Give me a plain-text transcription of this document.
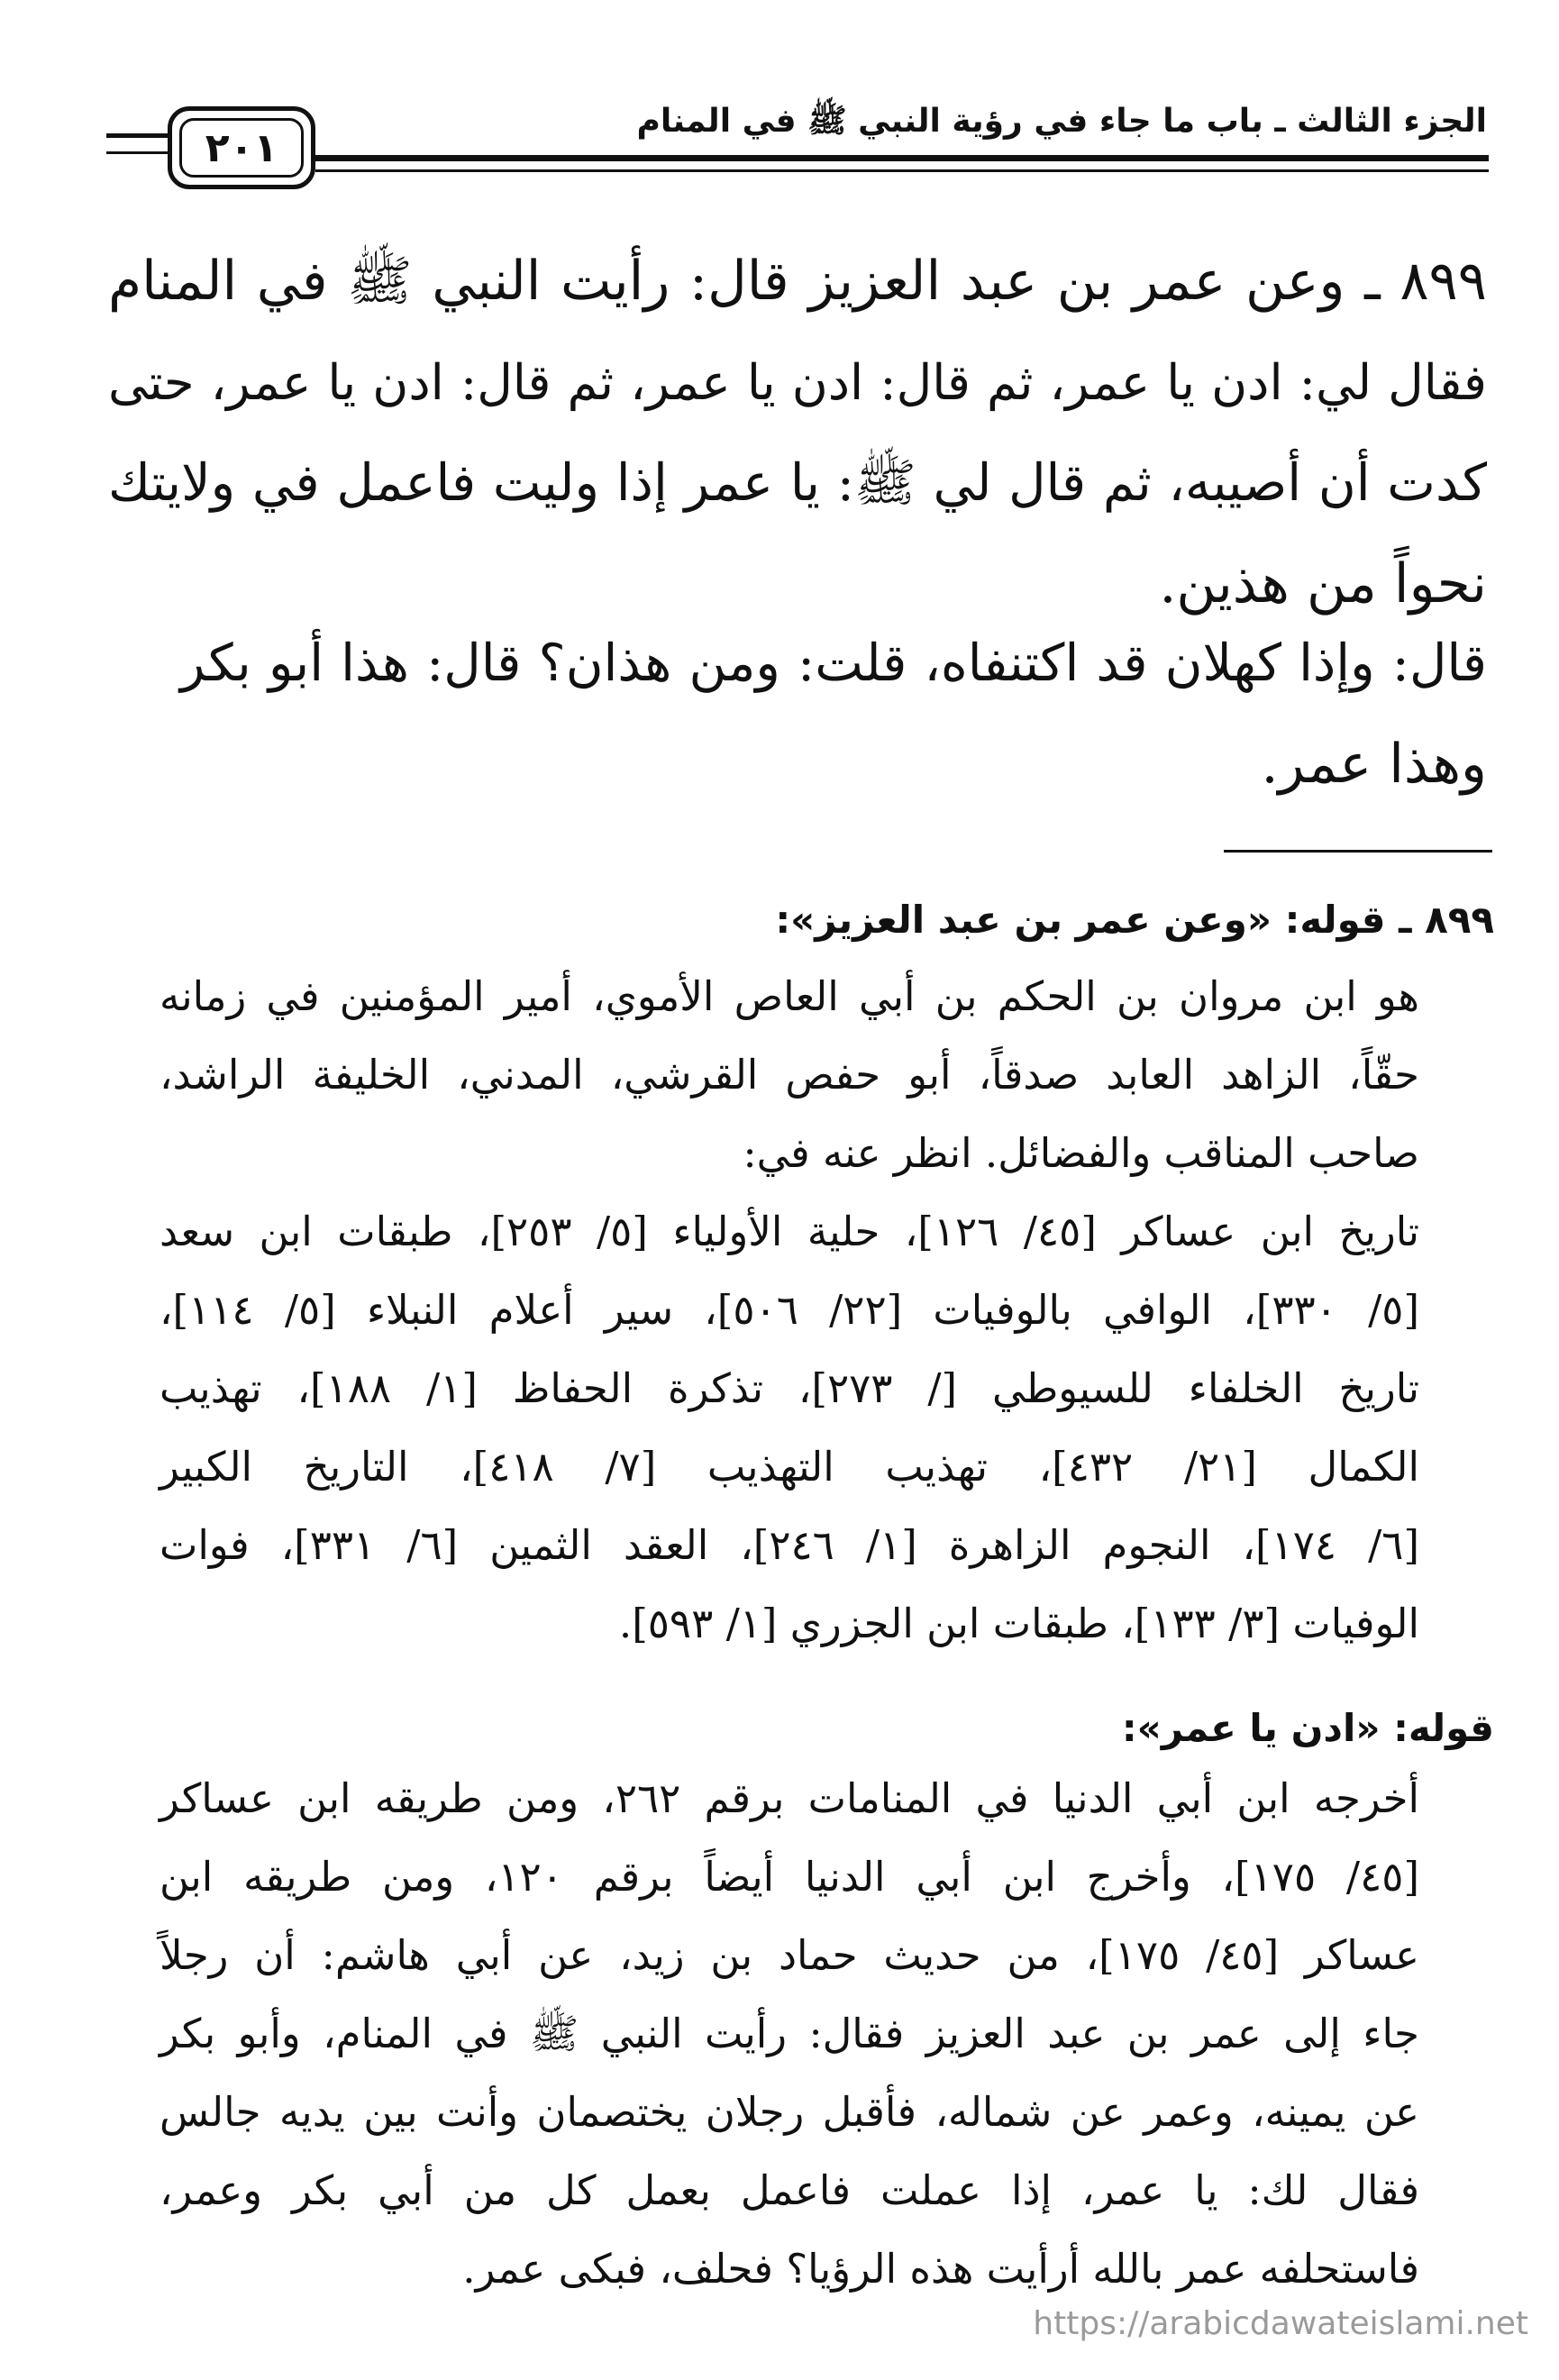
الجزء الثالث ـ باب ما جاء في رؤية النبي ﷺ في المنام
٢٠١
٨٩٩ ـ وعن عمر بن عبد العزيز قال: رأيت النبي ﷺ في المنام
فقال لي: ادن يا عمر، ثم قال: ادن يا عمر، ثم قال: ادن يا عمر، حتى
كدت أن أصيبه، ثم قال لي ﷺ: يا عمر إذا وليت فاعمل في ولايتك
نحواً من هذين.
قال: وإذا كهلان قد اكتنفاه، قلت: ومن هذان؟ قال: هذا أبو بكر
وهذا عمر.
٨٩٩ ـ قوله: «وعن عمر بن عبد العزيز»:
هو ابن مروان بن الحكم بن أبي العاص الأموي، أمير المؤمنين في زمانه
حقّاً، الزاهد العابد صدقاً، أبو حفص القرشي، المدني، الخليفة الراشد،
صاحب المناقب والفضائل. انظر عنه في:
تاريخ ابن عساكر [٤٥/ ١٢٦]، حلية الأولياء [٥/ ٢٥٣]، طبقات ابن سعد
[٥/ ٣٣٠]، الوافي بالوفيات [٢٢/ ٥٠٦]، سير أعلام النبلاء [٥/ ١١٤]،
تاريخ الخلفاء للسيوطي [/ ٢٧٣]، تذكرة الحفاظ [١/ ١٨٨]، تهذيب
الكمال [٢١/ ٤٣٢]، تهذيب التهذيب [٧/ ٤١٨]، التاريخ الكبير
[٦/ ١٧٤]، النجوم الزاهرة [١/ ٢٤٦]، العقد الثمين [٦/ ٣٣١]، فوات
الوفيات [٣/ ١٣٣]، طبقات ابن الجزري [١/ ٥٩٣].
قوله: «ادن يا عمر»:
أخرجه ابن أبي الدنيا في المنامات برقم ٢٦٢، ومن طريقه ابن عساكر
[٤٥/ ١٧٥]، وأخرج ابن أبي الدنيا أيضاً برقم ١٢٠، ومن طريقه ابن
عساكر [٤٥/ ١٧٥]، من حديث حماد بن زيد، عن أبي هاشم: أن رجلاً
جاء إلى عمر بن عبد العزيز فقال: رأيت النبي ﷺ في المنام، وأبو بكر
عن يمينه، وعمر عن شماله، فأقبل رجلان يختصمان وأنت بين يديه جالس
فقال لك: يا عمر، إذا عملت فاعمل بعمل كل من أبي بكر وعمر،
فاستحلفه عمر بالله أرأيت هذه الرؤيا؟ فحلف، فبكى عمر.
https://arabicdawateislami.net
